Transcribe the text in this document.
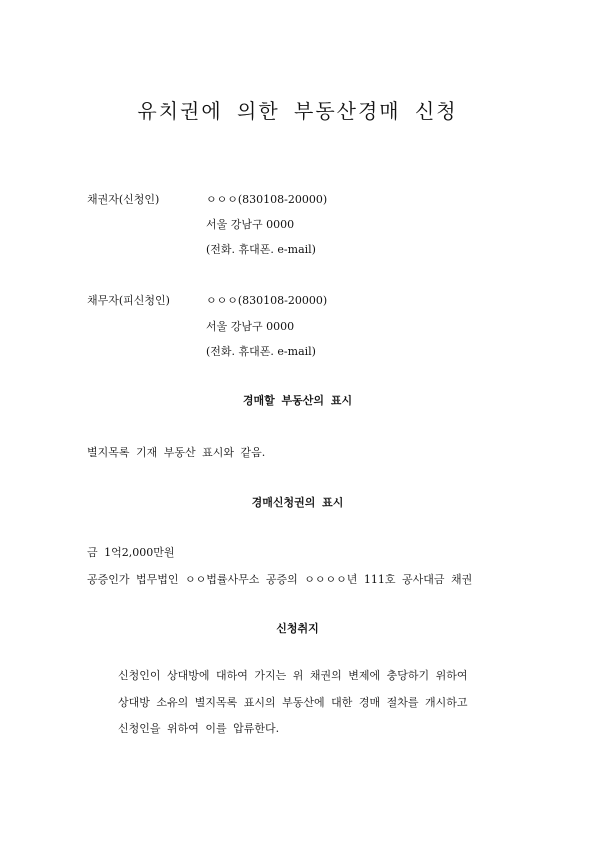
유치권에 의한 부동산경매 신청
채권자(신청인)	ㅇㅇㅇ(830108-20000)
서울 강남구 0000
(전화. 휴대폰. e-mail)
채무자(피신청인)	ㅇㅇㅇ(830108-20000)
서울 강남구 0000
(전화. 휴대폰. e-mail)
경매할 부동산의 표시
별지목록 기재 부동산 표시와 같음.
경매신청권의 표시
금 1억2,000만원
공증인가 법무법인 ㅇㅇ법률사무소 공증의 ㅇㅇㅇㅇ년 111호 공사대금 채권
신청취지
신청인이 상대방에 대하여 가지는 위 채권의 변제에 충당하기 위하여
상대방 소유의 별지목록 표시의 부동산에 대한 경매 절차를 개시하고
신청인을 위하여 이를 압류한다.
